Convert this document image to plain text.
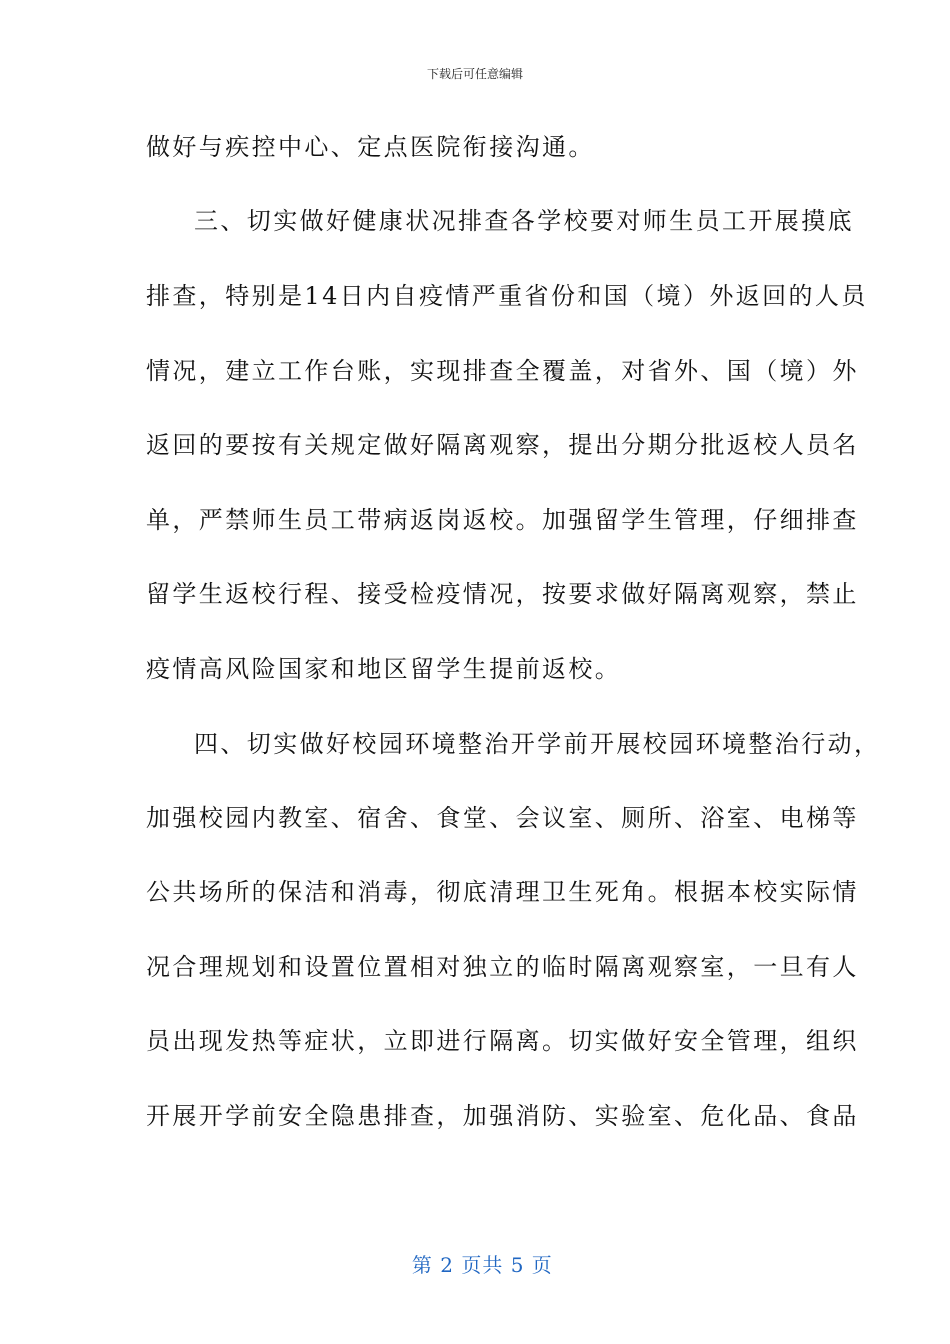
下载后可任意编辑
做好与疾控中心、定点医院衔接沟通。
三、切实做好健康状况排查各学校要对师生员工开展摸底
排查，特别是14日内自疫情严重省份和国（境）外返回的人员
情况，建立工作台账，实现排查全覆盖，对省外、国（境）外
返回的要按有关规定做好隔离观察，提出分期分批返校人员名
单，严禁师生员工带病返岗返校。加强留学生管理，仔细排查
留学生返校行程、接受检疫情况，按要求做好隔离观察，禁止
疫情高风险国家和地区留学生提前返校。
四、切实做好校园环境整治开学前开展校园环境整治行动，
加强校园内教室、宿舍、食堂、会议室、厕所、浴室、电梯等
公共场所的保洁和消毒，彻底清理卫生死角。根据本校实际情
况合理规划和设置位置相对独立的临时隔离观察室，一旦有人
员出现发热等症状，立即进行隔离。切实做好安全管理，组织
开展开学前安全隐患排查，加强消防、实验室、危化品、食品

第 2 页共 5 页
